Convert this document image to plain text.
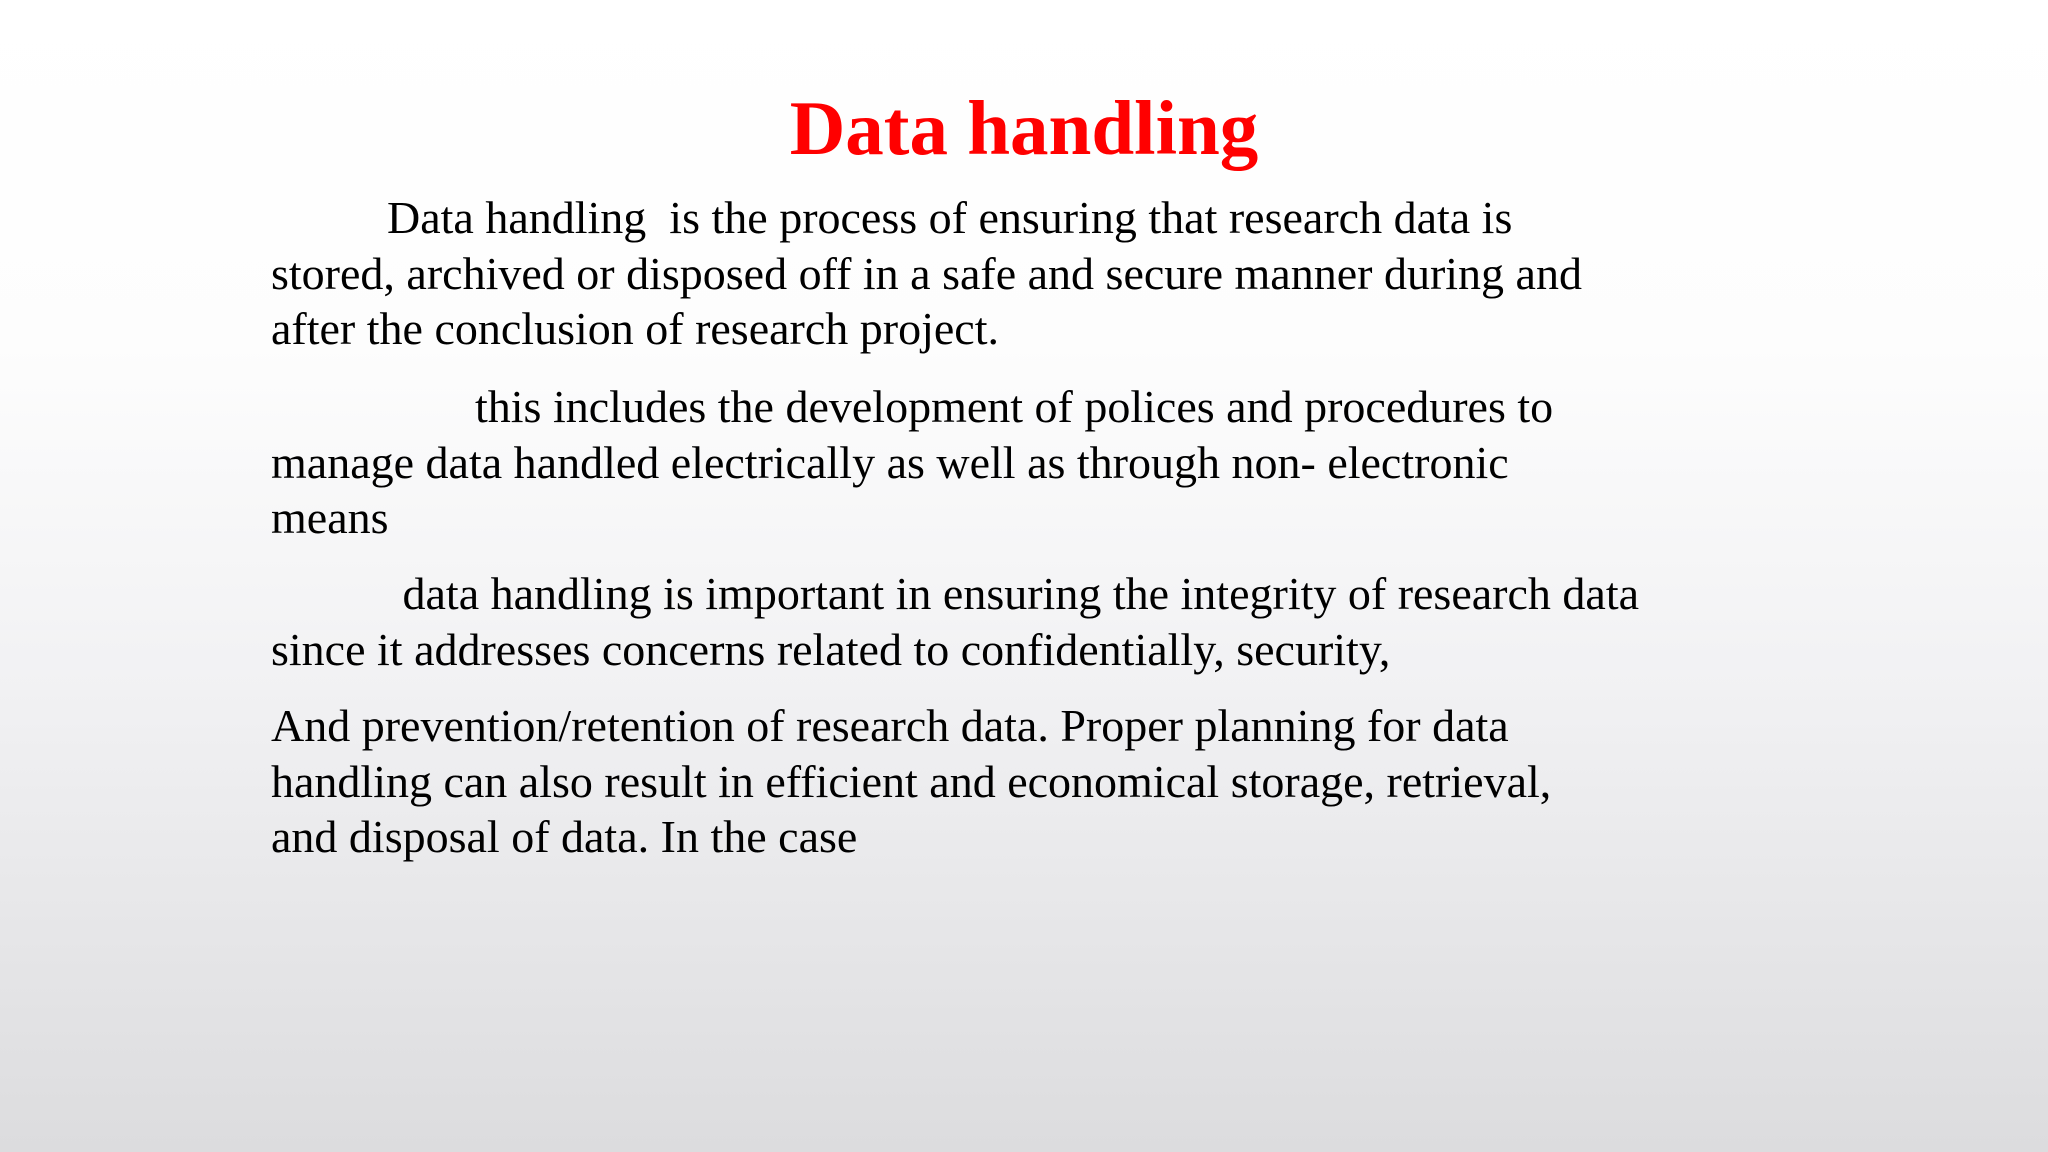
Data handling

		Data handling  is the process of ensuring that research data is
stored, archived or disposed off in a safe and secure manner during and
after the conclusion of research project.

				this includes the development of polices and procedures to
manage data handled electrically as well as through non- electronic
means

		data handling is important in ensuring the integrity of research data
since it addresses concerns related to confidentially, security,

And prevention/retention of research data. Proper planning for data
handling can also result in efficient and economical storage, retrieval,
and disposal of data. In the case
